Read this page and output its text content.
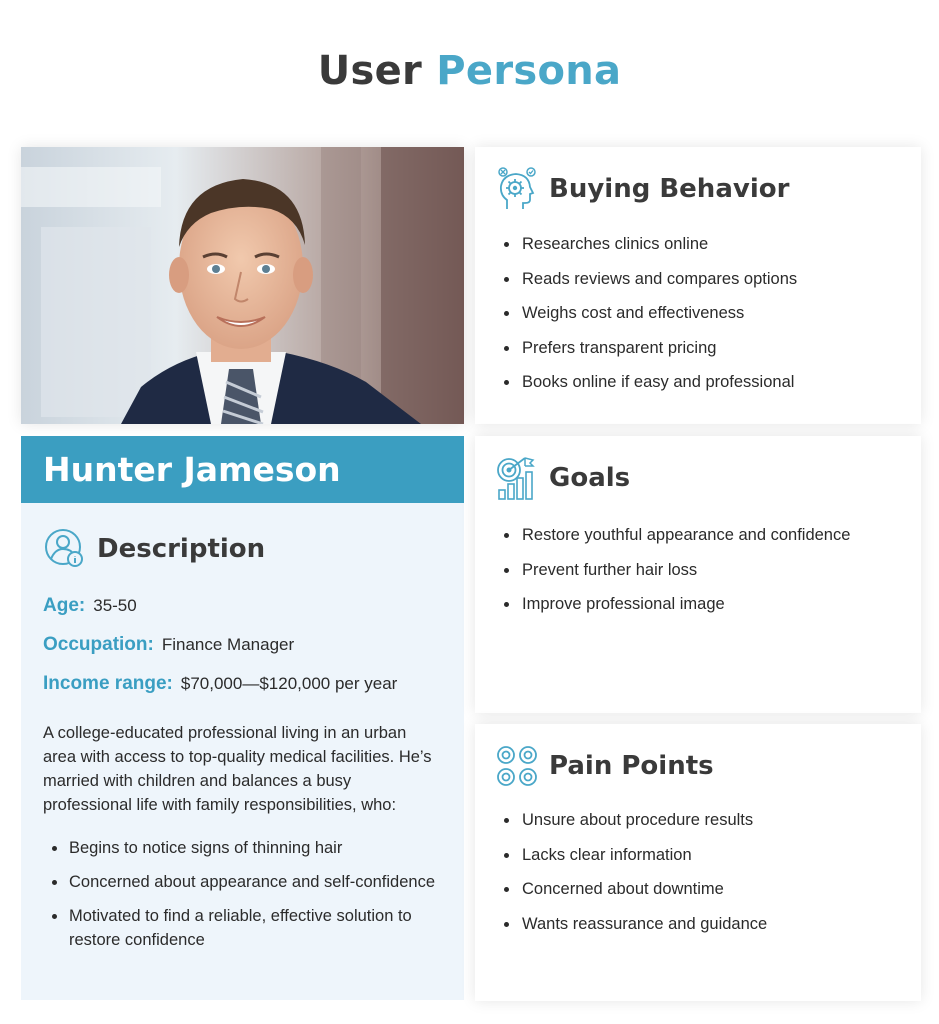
User Persona
Hunter Jameson
Description
Age: 35-50
Occupation: Finance Manager
Income range: $70,000—$120,000 per year

A college-educated professional living in an urban area with access to top-quality medical facilities. He’s married with children and balances a busy professional life with family responsibilities, who:

Begins to notice signs of thinning hair
Concerned about appearance and self-confidence
Motivated to find a reliable, effective solution to restore confidence
Buying Behavior
Researches clinics online
Reads reviews and compares options
Weighs cost and effectiveness
Prefers transparent pricing
Books online if easy and professional
Goals
Restore youthful appearance and confidence
Prevent further hair loss
Improve professional image
Pain Points
Unsure about procedure results
Lacks clear information
Concerned about downtime
Wants reassurance and guidance
